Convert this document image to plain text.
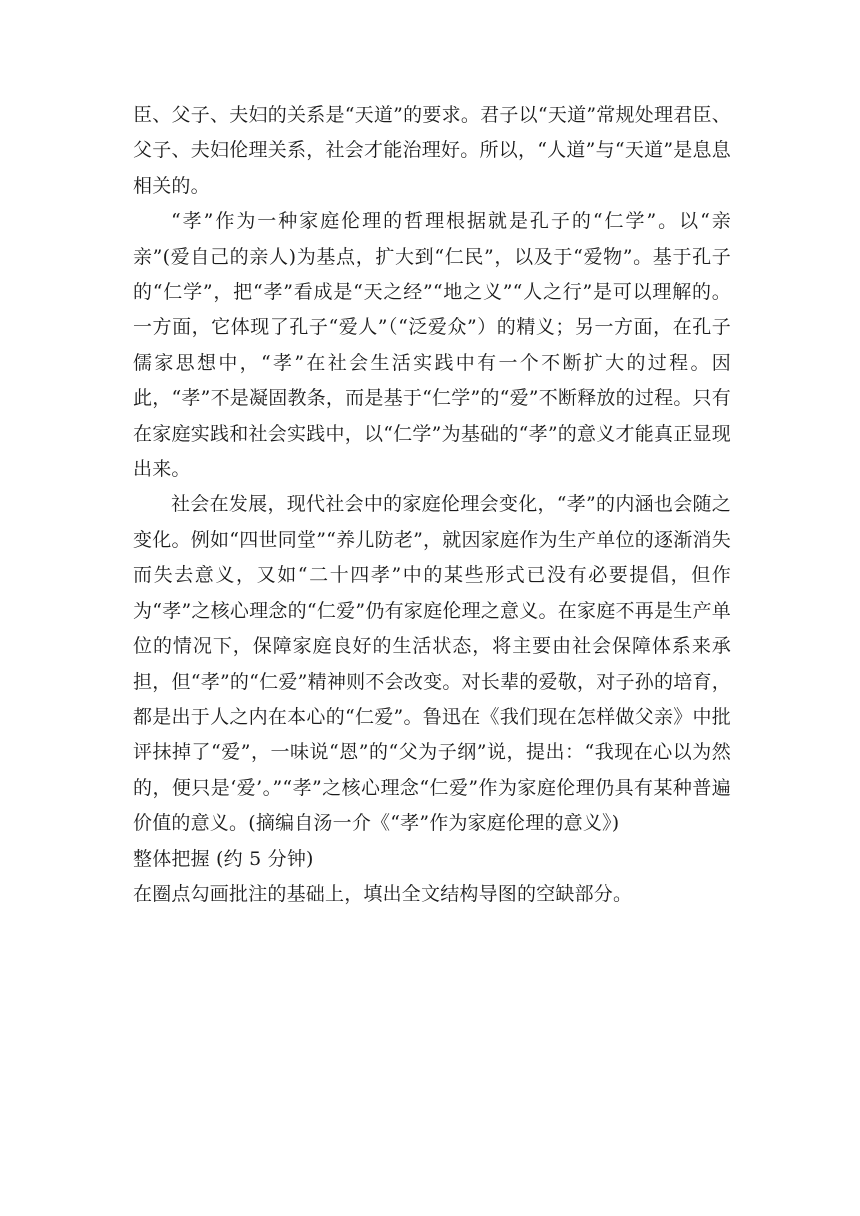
臣、父子、夫妇的关系是“天道”的要求。君子以“天道”常规处理君臣、父子、夫妇伦理关系，社会才能治理好。所以，“人道”与“天道”是息息相关的。

“孝”作为一种家庭伦理的哲理根据就是孔子的“仁学”。以“亲亲”(爱自己的亲人)为基点，扩大到“仁民”，以及于“爱物”。基于孔子的“仁学”，把“孝”看成是“天之经”“地之义”“人之行”是可以理解的。一方面，它体现了孔子“爱人”（“泛爱众”）的精义；另一方面，在孔子儒家思想中，“孝”在社会生活实践中有一个不断扩大的过程。因此，“孝”不是凝固教条，而是基于“仁学”的“爱”不断释放的过程。只有在家庭实践和社会实践中，以“仁学”为基础的“孝”的意义才能真正显现出来。

社会在发展，现代社会中的家庭伦理会变化，“孝”的内涵也会随之变化。例如“四世同堂”“养儿防老”，就因家庭作为生产单位的逐渐消失而失去意义，又如“二十四孝”中的某些形式已没有必要提倡，但作为“孝”之核心理念的“仁爱”仍有家庭伦理之意义。在家庭不再是生产单位的情况下，保障家庭良好的生活状态，将主要由社会保障体系来承担，但“孝”的“仁爱”精神则不会改变。对长辈的爱敬，对子孙的培育，都是出于人之内在本心的“仁爱”。鲁迅在《我们现在怎样做父亲》中批评抹掉了“爱”，一味说“恩”的“父为子纲”说，提出：“我现在心以为然的，便只是‘爱’。”“孝”之核心理念“仁爱”作为家庭伦理仍具有某种普遍价值的意义。(摘编自汤一介《“孝”作为家庭伦理的意义》)

整体把握 (约 5 分钟)

在圈点勾画批注的基础上，填出全文结构导图的空缺部分。
